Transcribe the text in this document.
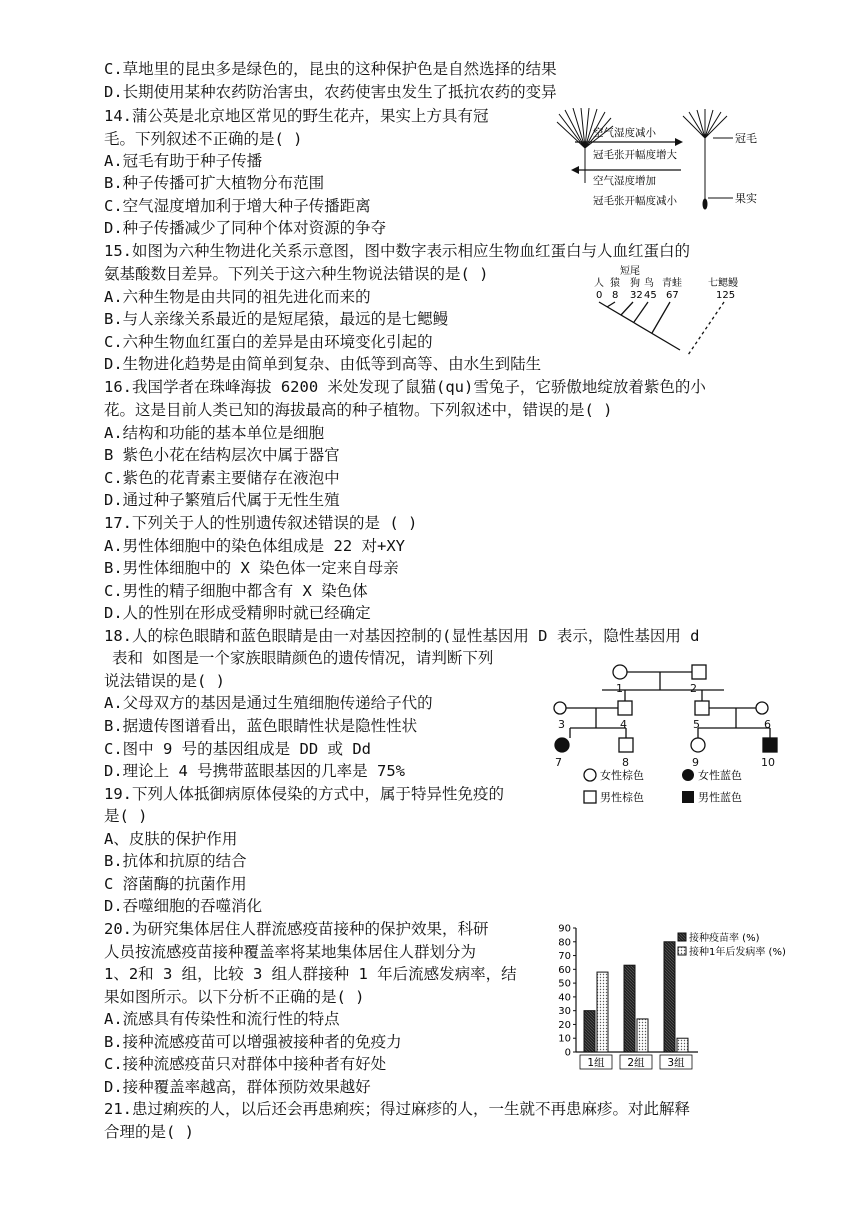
C.草地里的昆虫多是绿色的，昆虫的这种保护色是自然选择的结果
D.长期使用某种农药防治害虫，农药使害虫发生了抵抗农药的变异
14.蒲公英是北京地区常见的野生花卉，果实上方具有冠
毛。下列叙述不正确的是( )
A.冠毛有助于种子传播
B.种子传播可扩大植物分布范围
C.空气湿度增加利于增大种子传播距离
D.种子传播减少了同种个体对资源的争夺
15.如图为六种生物进化关系示意图，图中数字表示相应生物血红蛋白与人血红蛋白的
氨基酸数目差异。下列关于这六种生物说法错误的是( )
A.六种生物是由共同的祖先进化而来的
B.与人亲缘关系最近的是短尾猿，最远的是七鳃鳗
C.六种生物血红蛋白的差异是由环境变化引起的
D.生物进化趋势是由简单到复杂、由低等到高等、由水生到陆生
16.我国学者在珠峰海拔 6200 米处发现了鼠猫(qu)雪兔子，它骄傲地绽放着紫色的小
花。这是目前人类已知的海拔最高的种子植物。下列叙述中，错误的是( )
A.结构和功能的基本单位是细胞
B 紫色小花在结构层次中属于器官
C.紫色的花青素主要储存在液泡中
D.通过种子繁殖后代属于无性生殖
17.下列关于人的性别遗传叙述错误的是 ( )
A.男性体细胞中的染色体组成是 22 对+XY
B.男性体细胞中的 X 染色体一定来自母亲
C.男性的精子细胞中都含有 X 染色体
D.人的性别在形成受精卵时就已经确定
18.人的棕色眼睛和蓝色眼睛是由一对基因控制的(显性基因用 D 表示，隐性基因用 d
表和 如图是一个家族眼睛颜色的遗传情况，请判断下列
说法错误的是( )
A.父母双方的基因是通过生殖细胞传递给子代的
B.据遗传图谱看出，蓝色眼睛性状是隐性性状
C.图中 9 号的基因组成是 DD 或 Dd
D.理论上 4 号携带蓝眼基因的几率是 75%
19.下列人体抵御病原体侵染的方式中，属于特异性免疫的
是( )
A、皮肤的保护作用
B.抗体和抗原的结合
C 溶菌酶的抗菌作用
D.吞噬细胞的吞噬消化
20.为研究集体居住人群流感疫苗接种的保护效果，科研
人员按流感疫苗接种覆盖率将某地集体居住人群划分为
1、2和 3 组，比较 3 组人群接种 1 年后流感发病率，结
果如图所示。以下分析不正确的是( )
A.流感具有传染性和流行性的特点
B.接种流感疫苗可以增强被接种者的免疫力
C.接种流感疫苗只对群体中接种者有好处
D.接种覆盖率越高，群体预防效果越好
21.患过痢疾的人，以后还会再患痢疾；得过麻疹的人，一生就不再患麻疹。对此解释
合理的是( )
空气湿度减小
冠毛张开幅度增大
空气湿度增加
冠毛张开幅度减小
冠毛
果实
短尾
人 猿 狗 鸟 青蛙	七鳃鳗
0 8 32 45 67	125
1	2
3	4	5	6
7	8	9	10
女性棕色	女性蓝色
男性棕色	男性蓝色
0
10
20
30
40
50
60
70
80
90
1组 2组 3组
接种疫苗率 (%)
接种1年后发病率 (%)
